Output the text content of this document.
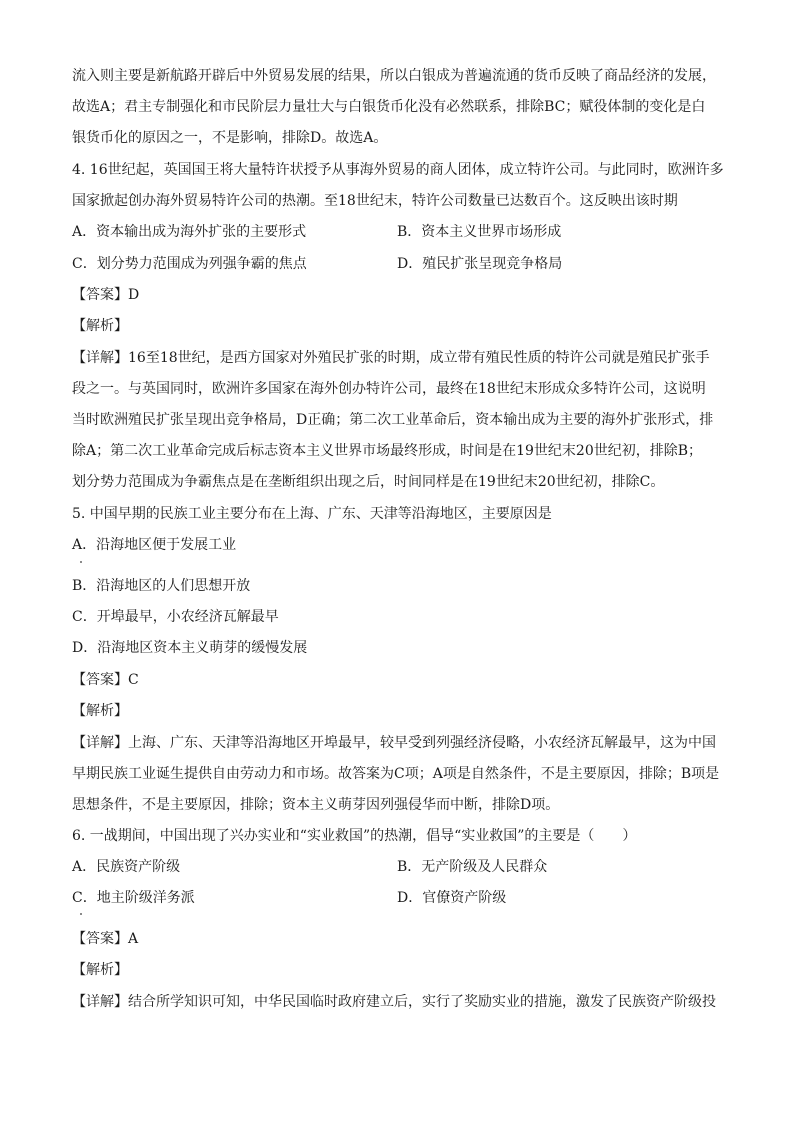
流入则主要是新航路开辟后中外贸易发展的结果，所以白银成为普遍流通的货币反映了商品经济的发展，
故选A；君主专制强化和市民阶层力量壮大与白银货币化没有必然联系，排除BC；赋役体制的变化是白
银货币化的原因之一，不是影响，排除D。故选A。
4. 16世纪起，英国国王将大量特许状授予从事海外贸易的商人团体，成立特许公司。与此同时，欧洲许多
国家掀起创办海外贸易特许公司的热潮。至18世纪末，特许公司数量已达数百个。这反映出该时期
A．资本输出成为海外扩张的主要形式	B．资本主义世界市场形成
C．划分势力范围成为列强争霸的焦点	D．殖民扩张呈现竞争格局
【答案】D
【解析】
【详解】16至18世纪，是西方国家对外殖民扩张的时期，成立带有殖民性质的特许公司就是殖民扩张手
段之一。与英国同时，欧洲许多国家在海外创办特许公司，最终在18世纪末形成众多特许公司，这说明
当时欧洲殖民扩张呈现出竞争格局，D正确；第二次工业革命后，资本输出成为主要的海外扩张形式，排
除A；第二次工业革命完成后标志资本主义世界市场最终形成，时间是在19世纪末20世纪初，排除B；
划分势力范围成为争霸焦点是在垄断组织出现之后，时间同样是在19世纪末20世纪初，排除C。
5. 中国早期的民族工业主要分布在上海、广东、天津等沿海地区，主要原因是
A．沿海地区便于发展工业
B．沿海地区的人们思想开放
C．开埠最早，小农经济瓦解最早
D．沿海地区资本主义萌芽的缓慢发展
【答案】C
【解析】
【详解】上海、广东、天津等沿海地区开埠最早，较早受到列强经济侵略，小农经济瓦解最早，这为中国
早期民族工业诞生提供自由劳动力和市场。故答案为C项；A项是自然条件，不是主要原因，排除；B项是
思想条件，不是主要原因，排除；资本主义萌芽因列强侵华而中断，排除D项。
6. 一战期间，中国出现了兴办实业和“实业救国”的热潮，倡导“实业救国”的主要是（　　）
A．民族资产阶级	B．无产阶级及人民群众
C．地主阶级洋务派	D．官僚资产阶级
【答案】A
【解析】
【详解】结合所学知识可知，中华民国临时政府建立后，实行了奖励实业的措施，激发了民族资产阶级投
